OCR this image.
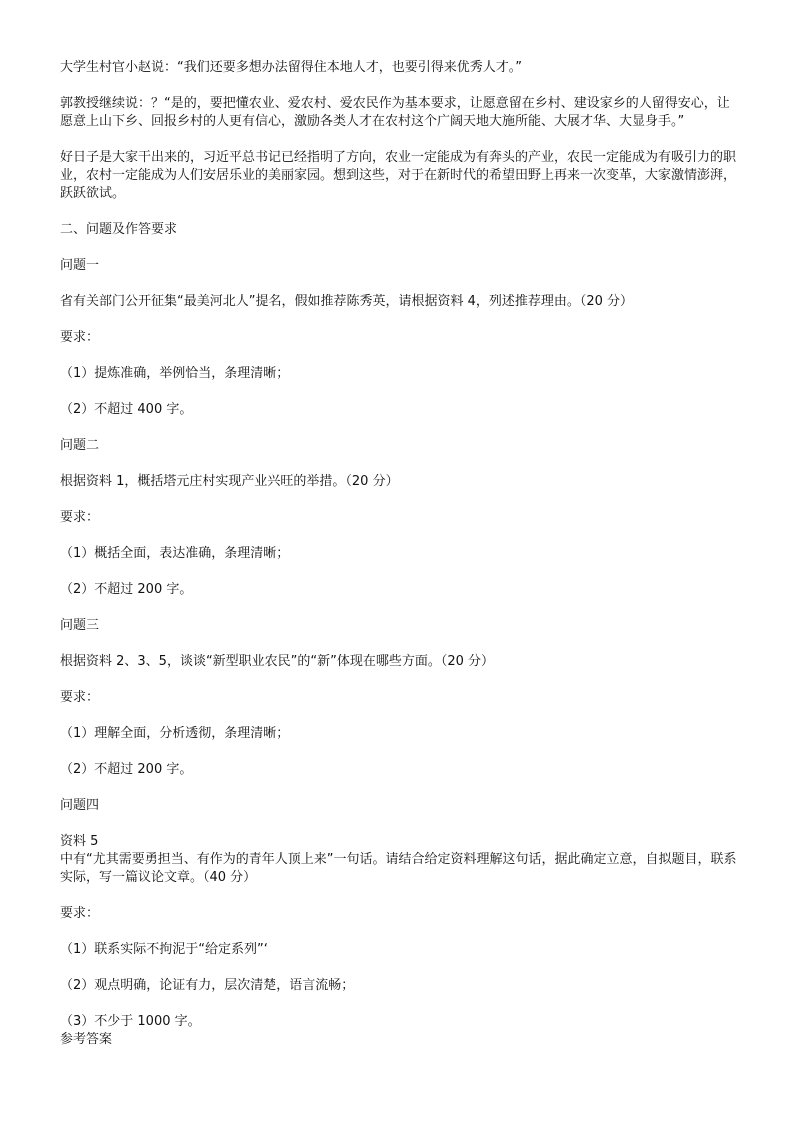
大学生村官小赵说：“我们还要多想办法留得住本地人才，也要引得来优秀人才。”

郭教授继续说：？“是的，要把懂农业、爱农村、爱农民作为基本要求，让愿意留在乡村、建设家乡的人留得安心，让愿意上山下乡、回报乡村的人更有信心，激励各类人才在农村这个广阔天地大施所能、大展才华、大显身手。”

好日子是大家干出来的，习近平总书记已经指明了方向，农业一定能成为有奔头的产业，农民一定能成为有吸引力的职业，农村一定能成为人们安居乐业的美丽家园。想到这些，对于在新时代的希望田野上再来一次变革，大家激情澎湃，跃跃欲试。

二、问题及作答要求

问题一

省有关部门公开征集“最美河北人”提名，假如推荐陈秀英，请根据资料 4，列述推荐理由。（20 分）

要求：

（1）提炼准确，举例恰当，条理清晰；

（2）不超过 400 字。

问题二

根据资料 1，概括塔元庄村实现产业兴旺的举措。（20 分）

要求：

（1）概括全面，表达准确，条理清晰；

（2）不超过 200 字。

问题三

根据资料 2、3、5，谈谈“新型职业农民”的“新”体现在哪些方面。（20 分）

要求：

（1）理解全面，分析透彻，条理清晰；

（2）不超过 200 字。

问题四

资料 5

中有“尤其需要勇担当、有作为的青年人顶上来”一句话。请结合给定资料理解这句话，据此确定立意，自拟题目，联系实际，写一篇议论文章。（40 分）

要求：

（1）联系实际不拘泥于“给定系列”‘

（2）观点明确，论证有力，层次清楚，语言流畅；

（3）不少于 1000 字。

参考答案
